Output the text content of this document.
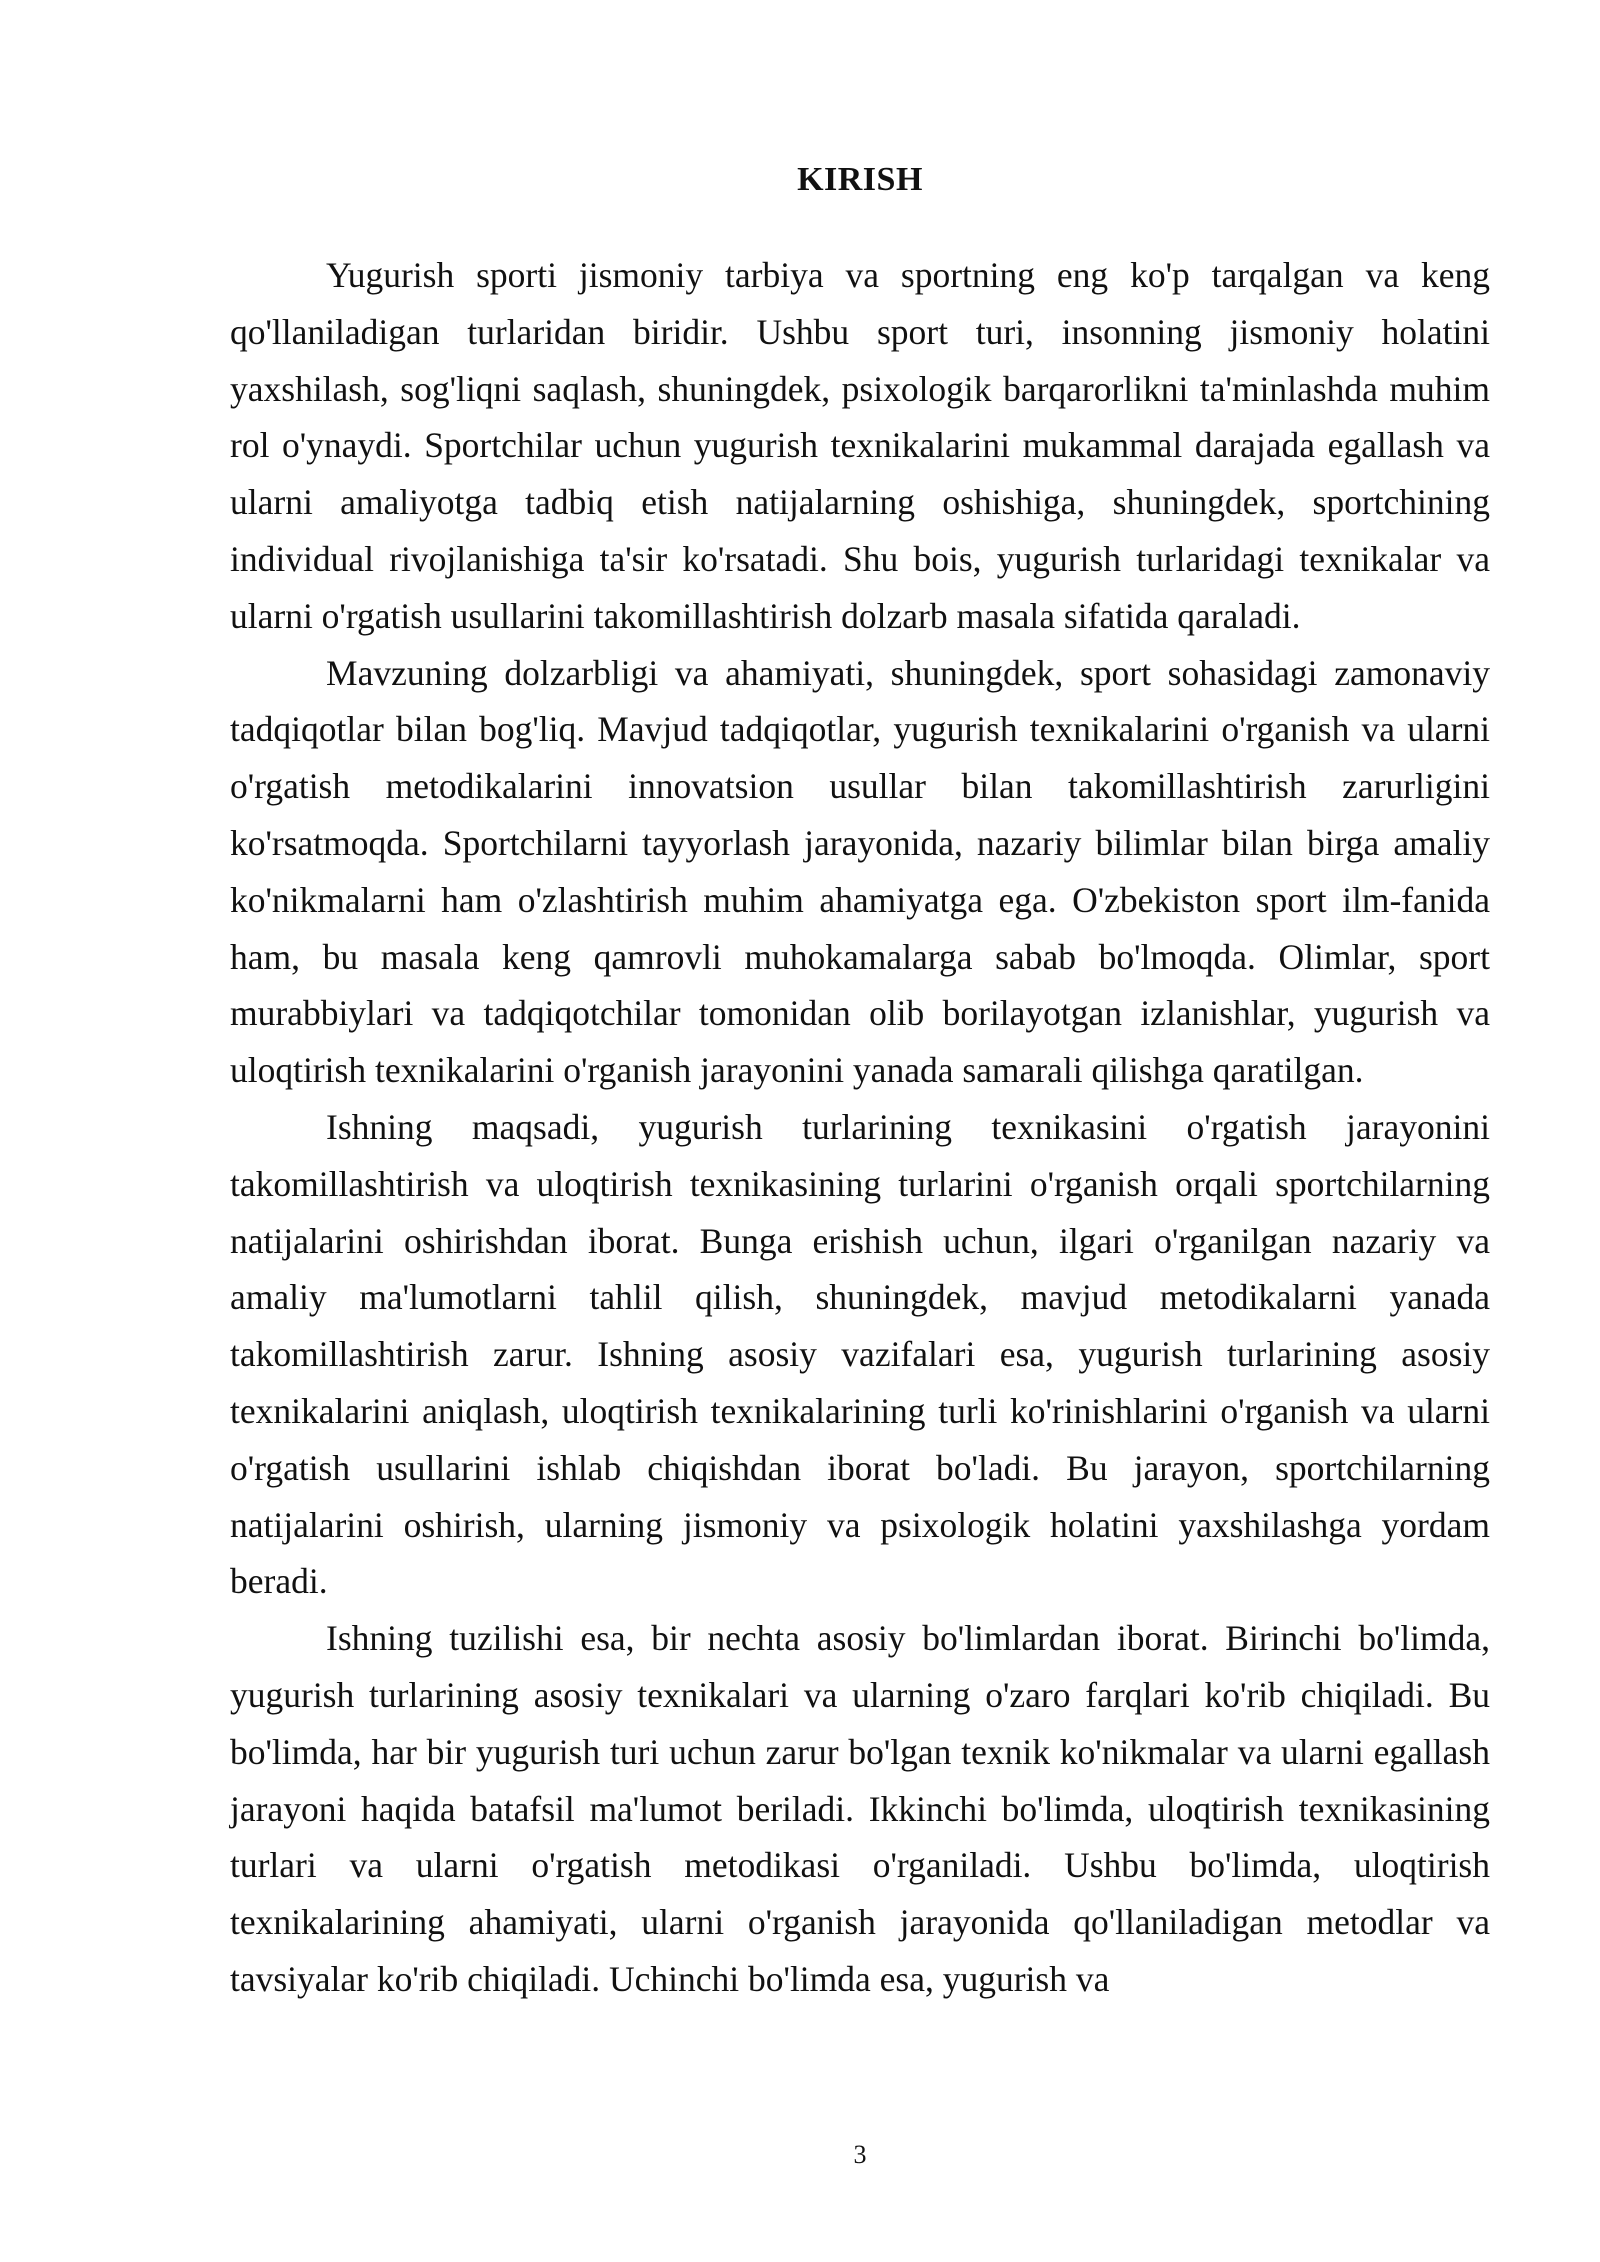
KIRISH

Yugurish sporti jismoniy tarbiya va sportning eng ko'p tarqalgan va keng qo'llaniladigan turlaridan biridir. Ushbu sport turi, insonning jismoniy holatini yaxshilash, sog'liqni saqlash, shuningdek, psixologik barqarorlikni ta'minlashda muhim rol o'ynaydi. Sportchilar uchun yugurish texnikalarini mukammal darajada egallash va ularni amaliyotga tadbiq etish natijalarning oshishiga, shuningdek, sportchining individual rivojlanishiga ta'sir ko'rsatadi. Shu bois, yugurish turlaridagi texnikalar va ularni o'rgatish usullarini takomillashtirish dolzarb masala sifatida qaraladi.

Mavzuning dolzarbligi va ahamiyati, shuningdek, sport sohasidagi zamonaviy tadqiqotlar bilan bog'liq. Mavjud tadqiqotlar, yugurish texnikalarini o'rganish va ularni o'rgatish metodikalarini innovatsion usullar bilan takomillashtirish zarurligini ko'rsatmoqda. Sportchilarni tayyorlash jarayonida, nazariy bilimlar bilan birga amaliy ko'nikmalarni ham o'zlashtirish muhim ahamiyatga ega. O'zbekiston sport ilm-fanida ham, bu masala keng qamrovli muhokamalarga sabab bo'lmoqda. Olimlar, sport murabbiylari va tadqiqotchilar tomonidan olib borilayotgan izlanishlar, yugurish va uloqtirish texnikalarini o'rganish jarayonini yanada samarali qilishga qaratilgan.

Ishning maqsadi, yugurish turlarining texnikasini o'rgatish jarayonini takomillashtirish va uloqtirish texnikasining turlarini o'rganish orqali sportchilarning natijalarini oshirishdan iborat. Bunga erishish uchun, ilgari o'rganilgan nazariy va amaliy ma'lumotlarni tahlil qilish, shuningdek, mavjud metodikalarni yanada takomillashtirish zarur. Ishning asosiy vazifalari esa, yugurish turlarining asosiy texnikalarini aniqlash, uloqtirish texnikalarining turli ko'rinishlarini o'rganish va ularni o'rgatish usullarini ishlab chiqishdan iborat bo'ladi. Bu jarayon, sportchilarning natijalarini oshirish, ularning jismoniy va psixologik holatini yaxshilashga yordam beradi.

Ishning tuzilishi esa, bir nechta asosiy bo'limlardan iborat. Birinchi bo'limda, yugurish turlarining asosiy texnikalari va ularning o'zaro farqlari ko'rib chiqiladi. Bu bo'limda, har bir yugurish turi uchun zarur bo'lgan texnik ko'nikmalar va ularni egallash jarayoni haqida batafsil ma'lumot beriladi. Ikkinchi bo'limda, uloqtirish texnikasining turlari va ularni o'rgatish metodikasi o'rganiladi. Ushbu bo'limda, uloqtirish texnikalarining ahamiyati, ularni o'rganish jarayonida qo'llaniladigan metodlar va tavsiyalar ko'rib chiqiladi. Uchinchi bo'limda esa, yugurish va

3
